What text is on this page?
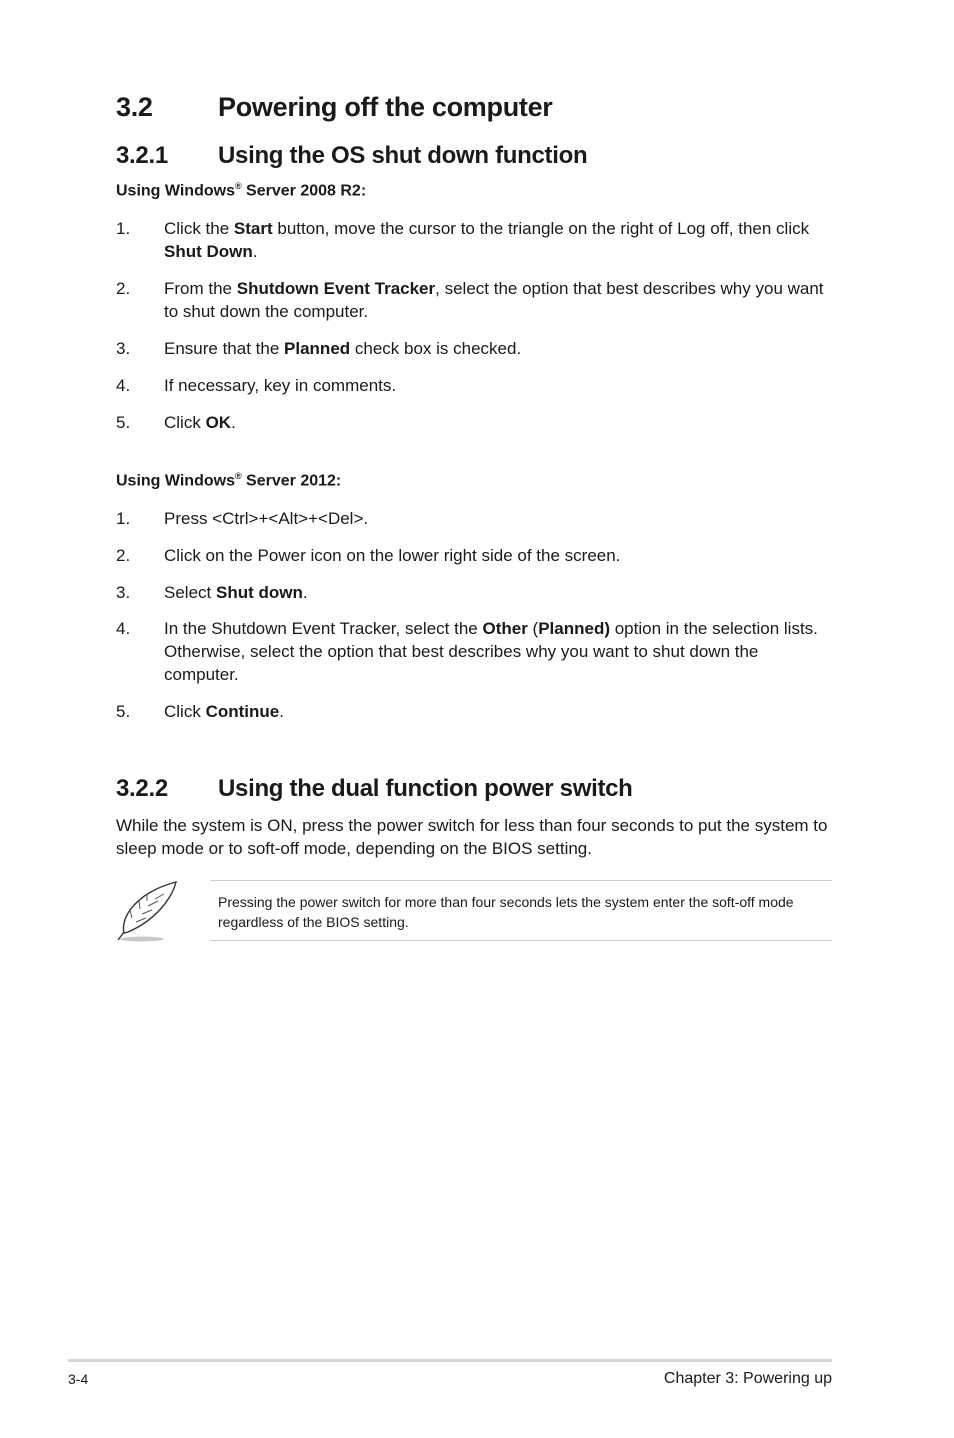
3.2 Powering off the computer
3.2.1 Using the OS shut down function
Using Windows® Server 2008 R2:
1. Click the Start button, move the cursor to the triangle on the right of Log off, then click Shut Down.
2. From the Shutdown Event Tracker, select the option that best describes why you want to shut down the computer.
3. Ensure that the Planned check box is checked.
4. If necessary, key in comments.
5. Click OK.
Using Windows® Server 2012:
1. Press <Ctrl>+<Alt>+<Del>.
2. Click on the Power icon on the lower right side of the screen.
3. Select Shut down.
4. In the Shutdown Event Tracker, select the Other (Planned) option in the selection lists. Otherwise, select the option that best describes why you want to shut down the computer.
5. Click Continue.
3.2.2 Using the dual function power switch
While the system is ON, press the power switch for less than four seconds to put the system to sleep mode or to soft-off mode, depending on the BIOS setting.
Pressing the power switch for more than four seconds lets the system enter the soft-off mode regardless of the BIOS setting.
3-4	Chapter 3: Powering up
